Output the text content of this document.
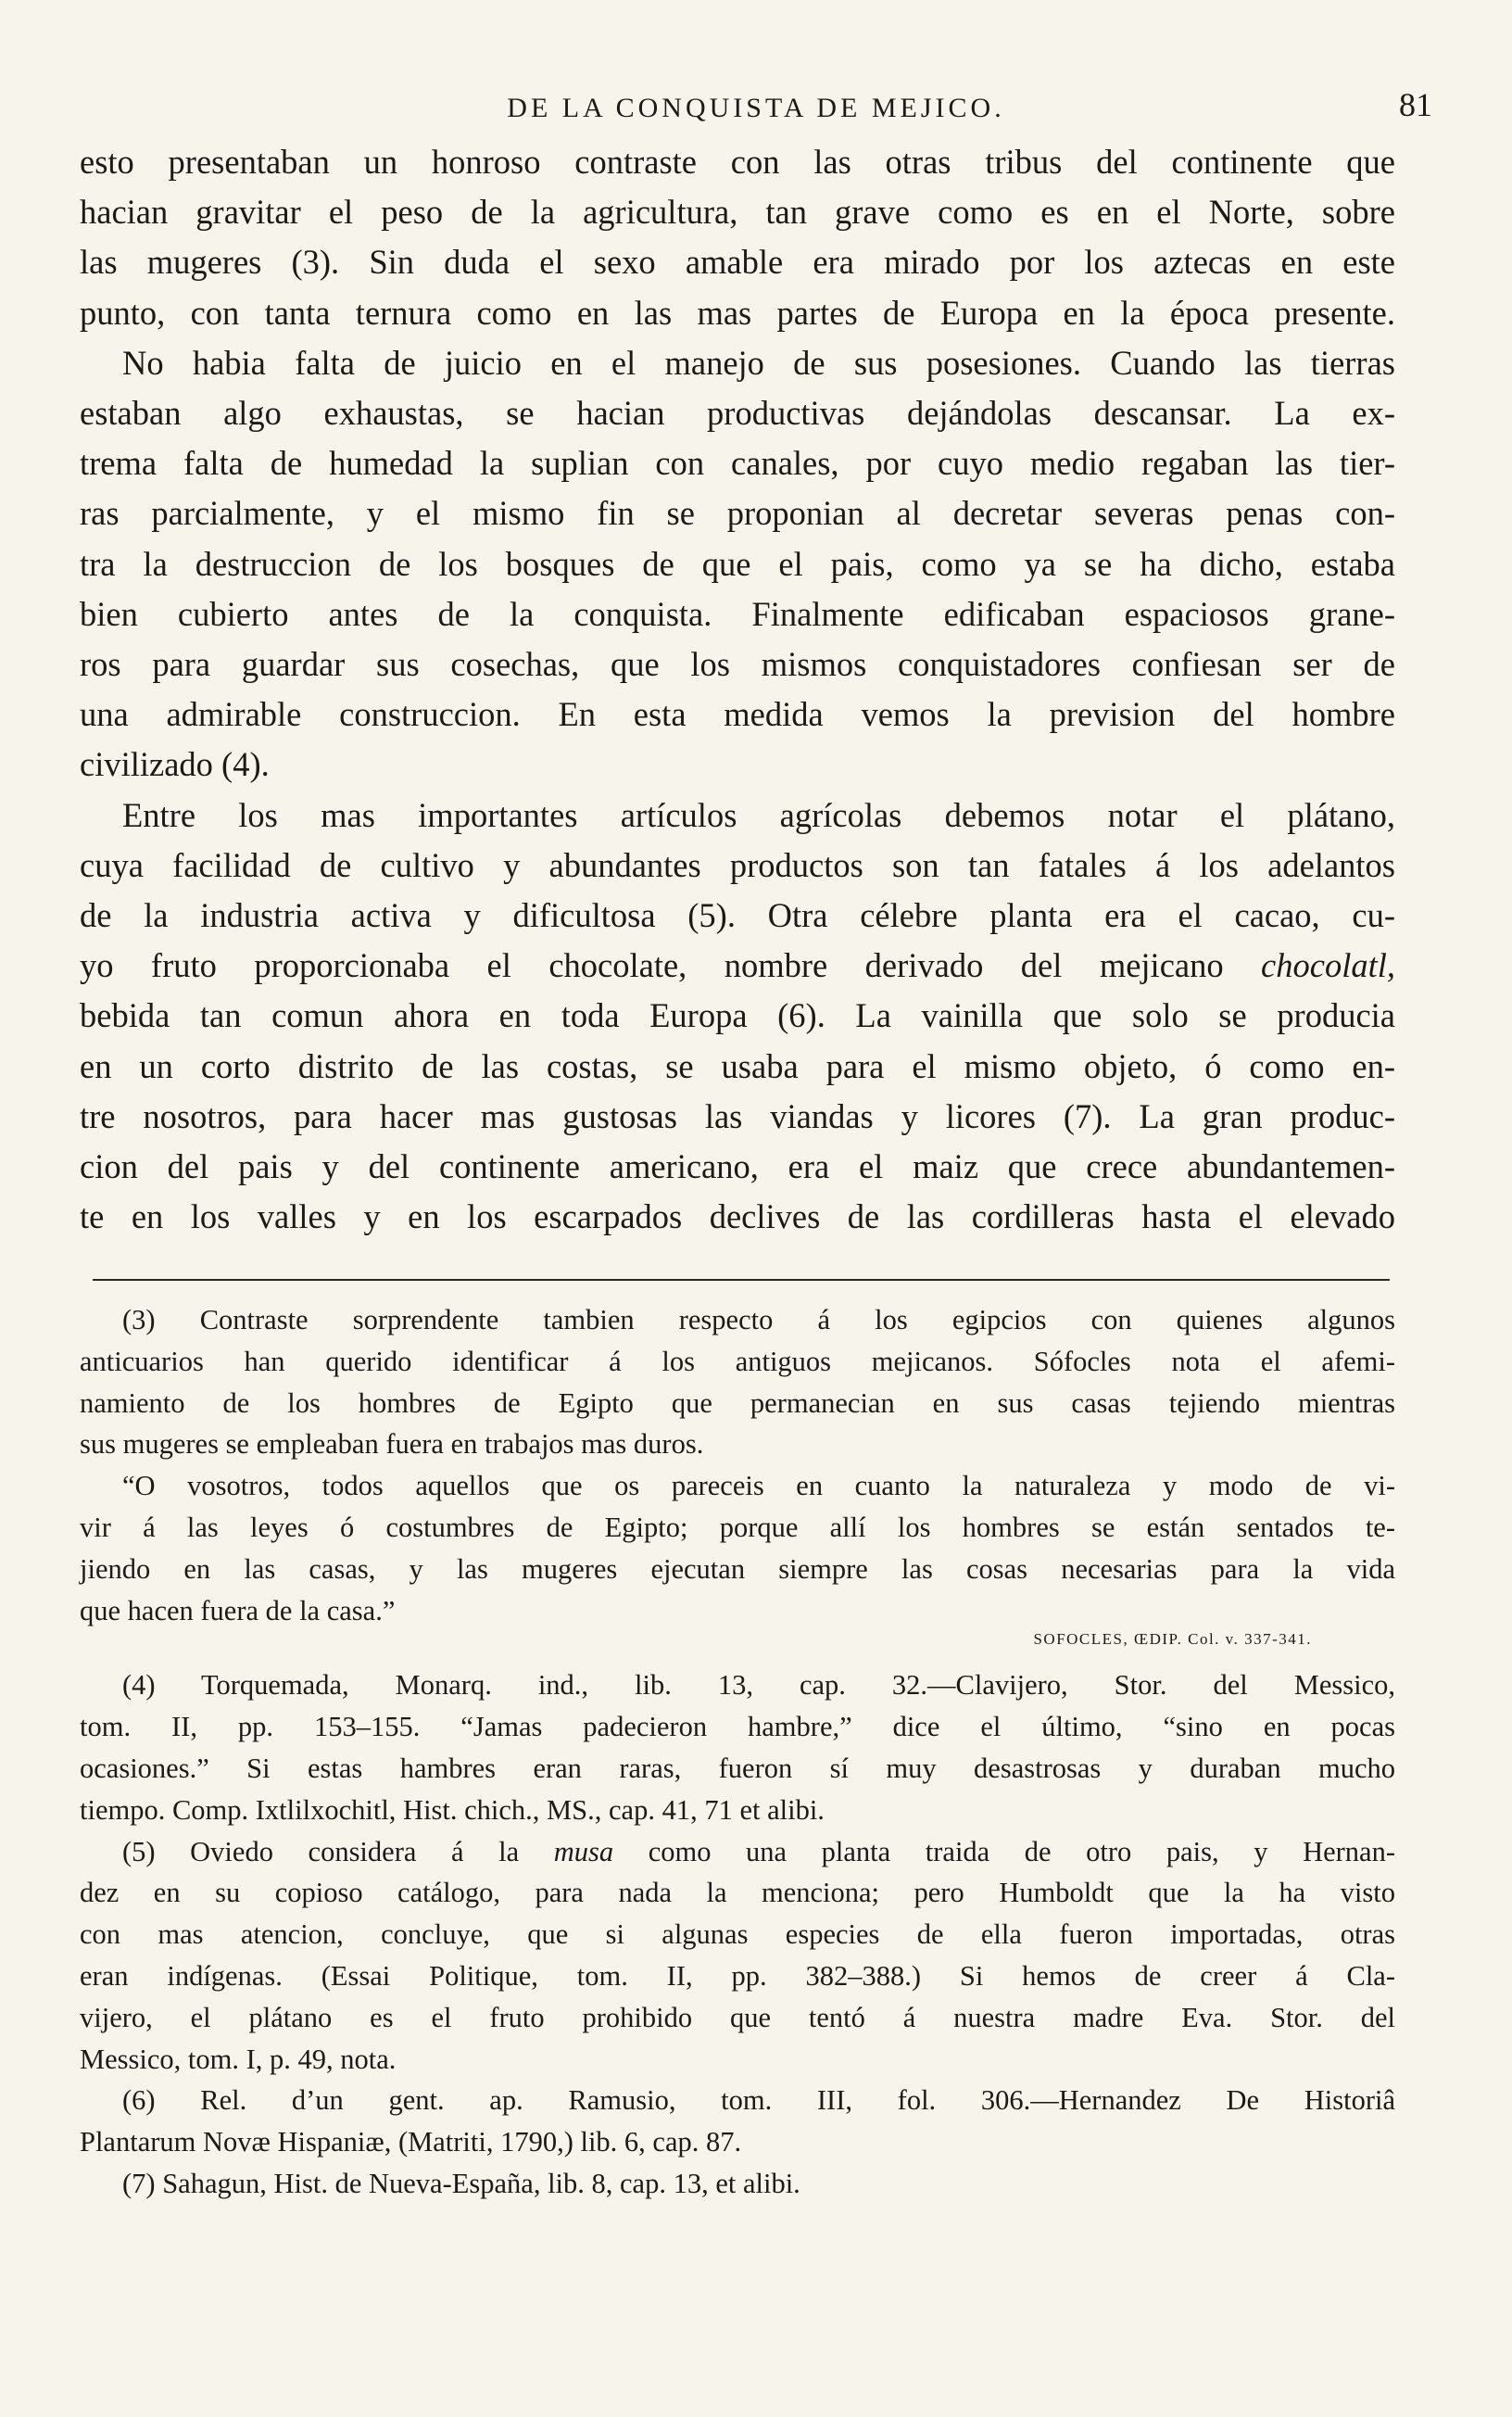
DE LA CONQUISTA DE MEJICO.	81
esto presentaban un honroso contraste con las otras tribus del continente que
hacian gravitar el peso de la agricultura, tan grave como es en el Norte, sobre
las mugeres (3). Sin duda el sexo amable era mirado por los aztecas en este
punto, con tanta ternura como en las mas partes de Europa en la época presente.
No habia falta de juicio en el manejo de sus posesiones. Cuando las tierras
estaban algo exhaustas, se hacian productivas dejándolas descansar. La ex-
trema falta de humedad la suplian con canales, por cuyo medio regaban las tier-
ras parcialmente, y el mismo fin se proponian al decretar severas penas con-
tra la destruccion de los bosques de que el pais, como ya se ha dicho, estaba
bien cubierto antes de la conquista. Finalmente edificaban espaciosos grane-
ros para guardar sus cosechas, que los mismos conquistadores confiesan ser de
una admirable construccion. En esta medida vemos la prevision del hombre
civilizado (4).
Entre los mas importantes artículos agrícolas debemos notar el plátano,
cuya facilidad de cultivo y abundantes productos son tan fatales á los adelantos
de la industria activa y dificultosa (5). Otra célebre planta era el cacao, cu-
yo fruto proporcionaba el chocolate, nombre derivado del mejicano chocolatl,
bebida tan comun ahora en toda Europa (6). La vainilla que solo se producia
en un corto distrito de las costas, se usaba para el mismo objeto, ó como en-
tre nosotros, para hacer mas gustosas las viandas y licores (7). La gran produc-
cion del pais y del continente americano, era el maiz que crece abundantemen-
te en los valles y en los escarpados declives de las cordilleras hasta el elevado
(3) Contraste sorprendente tambien respecto á los egipcios con quienes algunos
anticuarios han querido identificar á los antiguos mejicanos. Sófocles nota el afemi-
namiento de los hombres de Egipto que permanecian en sus casas tejiendo mientras
sus mugeres se empleaban fuera en trabajos mas duros.
“O vosotros, todos aquellos que os pareceis en cuanto la naturaleza y modo de vi-
vir á las leyes ó costumbres de Egipto; porque allí los hombres se están sentados te-
jiendo en las casas, y las mugeres ejecutan siempre las cosas necesarias para la vida
que hacen fuera de la casa.”
SOFOCLES, ŒDIP. Col. v. 337-341.
(4) Torquemada, Monarq. ind., lib. 13, cap. 32.—Clavijero, Stor. del Messico,
tom. II, pp. 153–155. “Jamas padecieron hambre,” dice el último, “sino en pocas
ocasiones.” Si estas hambres eran raras, fueron sí muy desastrosas y duraban mucho
tiempo. Comp. Ixtlilxochitl, Hist. chich., MS., cap. 41, 71 et alibi.
(5) Oviedo considera á la musa como una planta traida de otro pais, y Hernan-
dez en su copioso catálogo, para nada la menciona; pero Humboldt que la ha visto
con mas atencion, concluye, que si algunas especies de ella fueron importadas, otras
eran indígenas. (Essai Politique, tom. II, pp. 382–388.) Si hemos de creer á Cla-
vijero, el plátano es el fruto prohibido que tentó á nuestra madre Eva. Stor. del
Messico, tom. I, p. 49, nota.
(6) Rel. d’un gent. ap. Ramusio, tom. III, fol. 306.—Hernandez De Historiâ
Plantarum Novæ Hispaniæ, (Matriti, 1790,) lib. 6, cap. 87.
(7) Sahagun, Hist. de Nueva-España, lib. 8, cap. 13, et alibi.
